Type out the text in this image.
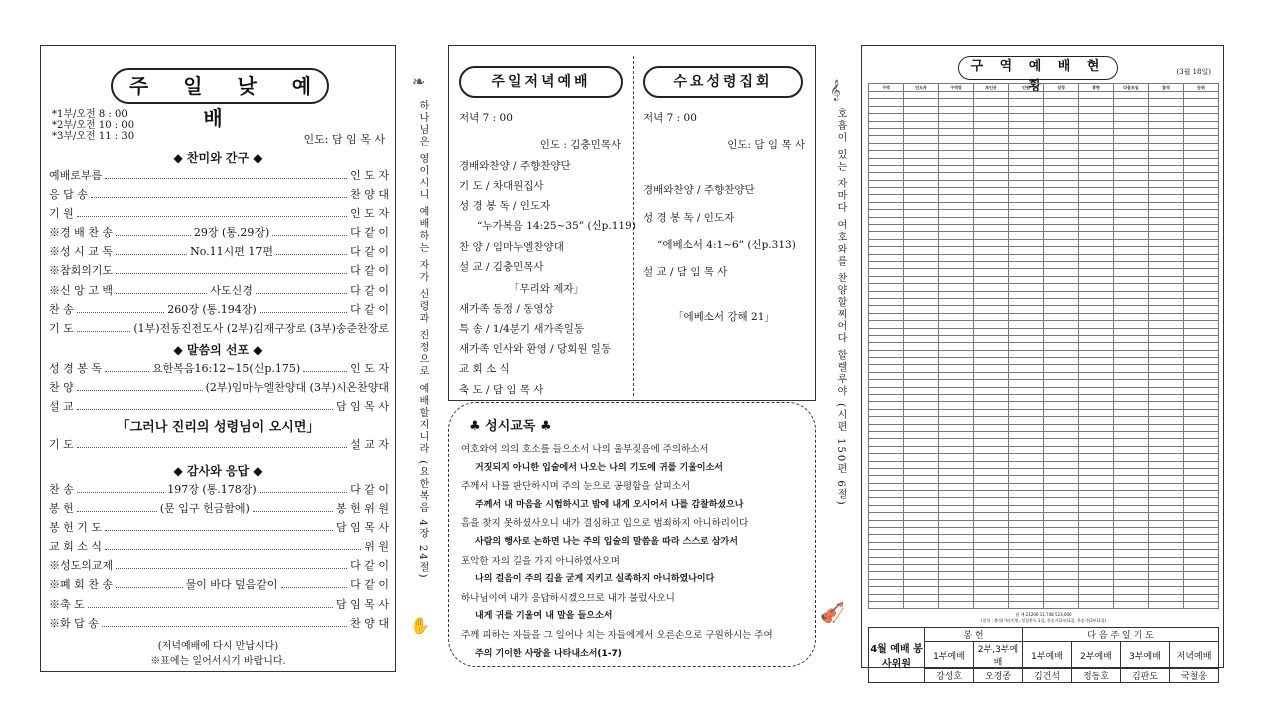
주 일 낮 예 배
*1부/오전 8 : 00
*2부/오전 10 : 00
*3부/오전 11 : 30	인도: 담 임 목 사
◆ 찬미와 간구 ◆
예배로부름	인 도 자
응 답 송	찬 양 대
기 원	인 도 자
※경 배 찬 송	29장 (통.29장)	다 같 이
※성 시 교 독	No.11시편 17편	다 같 이
※참회의기도	다 같 이
※신 앙 고 백	사도신경	다 같 이
찬 송	260장 (통.194장)	다 같 이
기 도	(1부)전동진전도사 (2부)김재구장로 (3부)송준찬장로
◆ 말씀의 선포 ◆
성 경 봉 독	요한복음16:12~15(신p.175)	인 도 자
찬 양	(2부)임마누엘찬양대 (3부)시온찬양대
설 교	담 임 목 사
「그러나 진리의 성령님이 오시면」
기 도	설 교 자
◆ 감사와 응답 ◆
찬 송	197장 (통.178장)	다 같 이
봉 헌	(문 입구 헌금함에)	봉 헌 위 원
봉 헌 기 도	담 임 목 사
교 회 소 식	위 원
※성도의교제	다 같 이
※폐 회 찬 송	물이 바다 덮음같이	다 같 이
※축 도	담 임 목 사
※화 답 송	찬 양 대
(저녁예배에 다시 만납시다)
※표에는 일어서시기 바랍니다.
❧
하나님은 영이시니 예배하는 자가 신령과 진정으로 예배할지니라 (요한복음 4장 24절)
✋
주일저녁예배	수요성령집회
저녁 7 : 00
인도 : 김충민목사
경배와찬양 / 주향찬양단
기 도 / 차대원집사
성 경 봉 독 / 인도자
“누가복음 14:25~35” (신p.119)
찬 양 / 임마누엘찬양대
설 교 / 김충민목사
「무리와 제자」
새가족 동정 / 동영상
특 송 / 1/4분기 새가족일동
새가족 인사와 환영 / 당회원 일동
교 회 소 식
축 도 / 담 임 목 사
저녁 7 : 00
인도: 담 임 목 사
경배와찬양 / 주향찬양단
성 경 봉 독 / 인도자
“에베소서 4:1~6” (신p.313)
설 교 / 담 임 목 사
「에베소서 강해 21」
♣ 성시교독 ♣
여호와여 의의 호소를 들으소서 나의 울부짖음에 주의하소서
거짓되지 아니한 입술에서 나오는 나의 기도에 귀를 기울이소서
주께서 나를 판단하시며 주의 눈으로 공평함을 살피소서
주께서 내 마음을 시험하시고 밤에 내게 오시어서 나를 감찰하셨으나
흠을 찾지 못하셨사오니 내가 결심하고 입으로 범죄하지 아니하리이다
사람의 행사로 논하면 나는 주의 입술의 말씀을 따라 스스로 삼가서
포악한 자의 길을 가지 아니하였사오며
나의 걸음이 주의 길을 굳게 지키고 실족하지 아니하였나이다
하나님이여 내가 응답하시겠으므로 내가 불렀사오니
내게 귀를 기울여 내 말을 들으소서
주께 피하는 자들을 그 일어나 치는 자들에게서 오른손으로 구원하시는 주여
주의 기이한 사랑을 나타내소서(1-7)
𝄞
호흡이 있는 자마다 여호와를 찬양할찌어다 할렐루야 (시편 150편 6절)
🎻
구 역 예 배 현 황
(3월 18일)
구역	인도자	구역장	보인곳	인원	성경	봉헌	다음모임	참석	순위

합 계 21200 11,748 523,000
(참석 : 출석/기타인원, 성경봉독 1절, 찬송가(1부)1절, 찬송가(3부)1절)
4월 예배 봉사위원	봉 헌		다 음 주 일 기 도			
	1부예배	2부,3부예배	1부예배	2부예배	3부예배	저녁예배
	강성호	오경종	김건석	정동호	김판도	국철웅
